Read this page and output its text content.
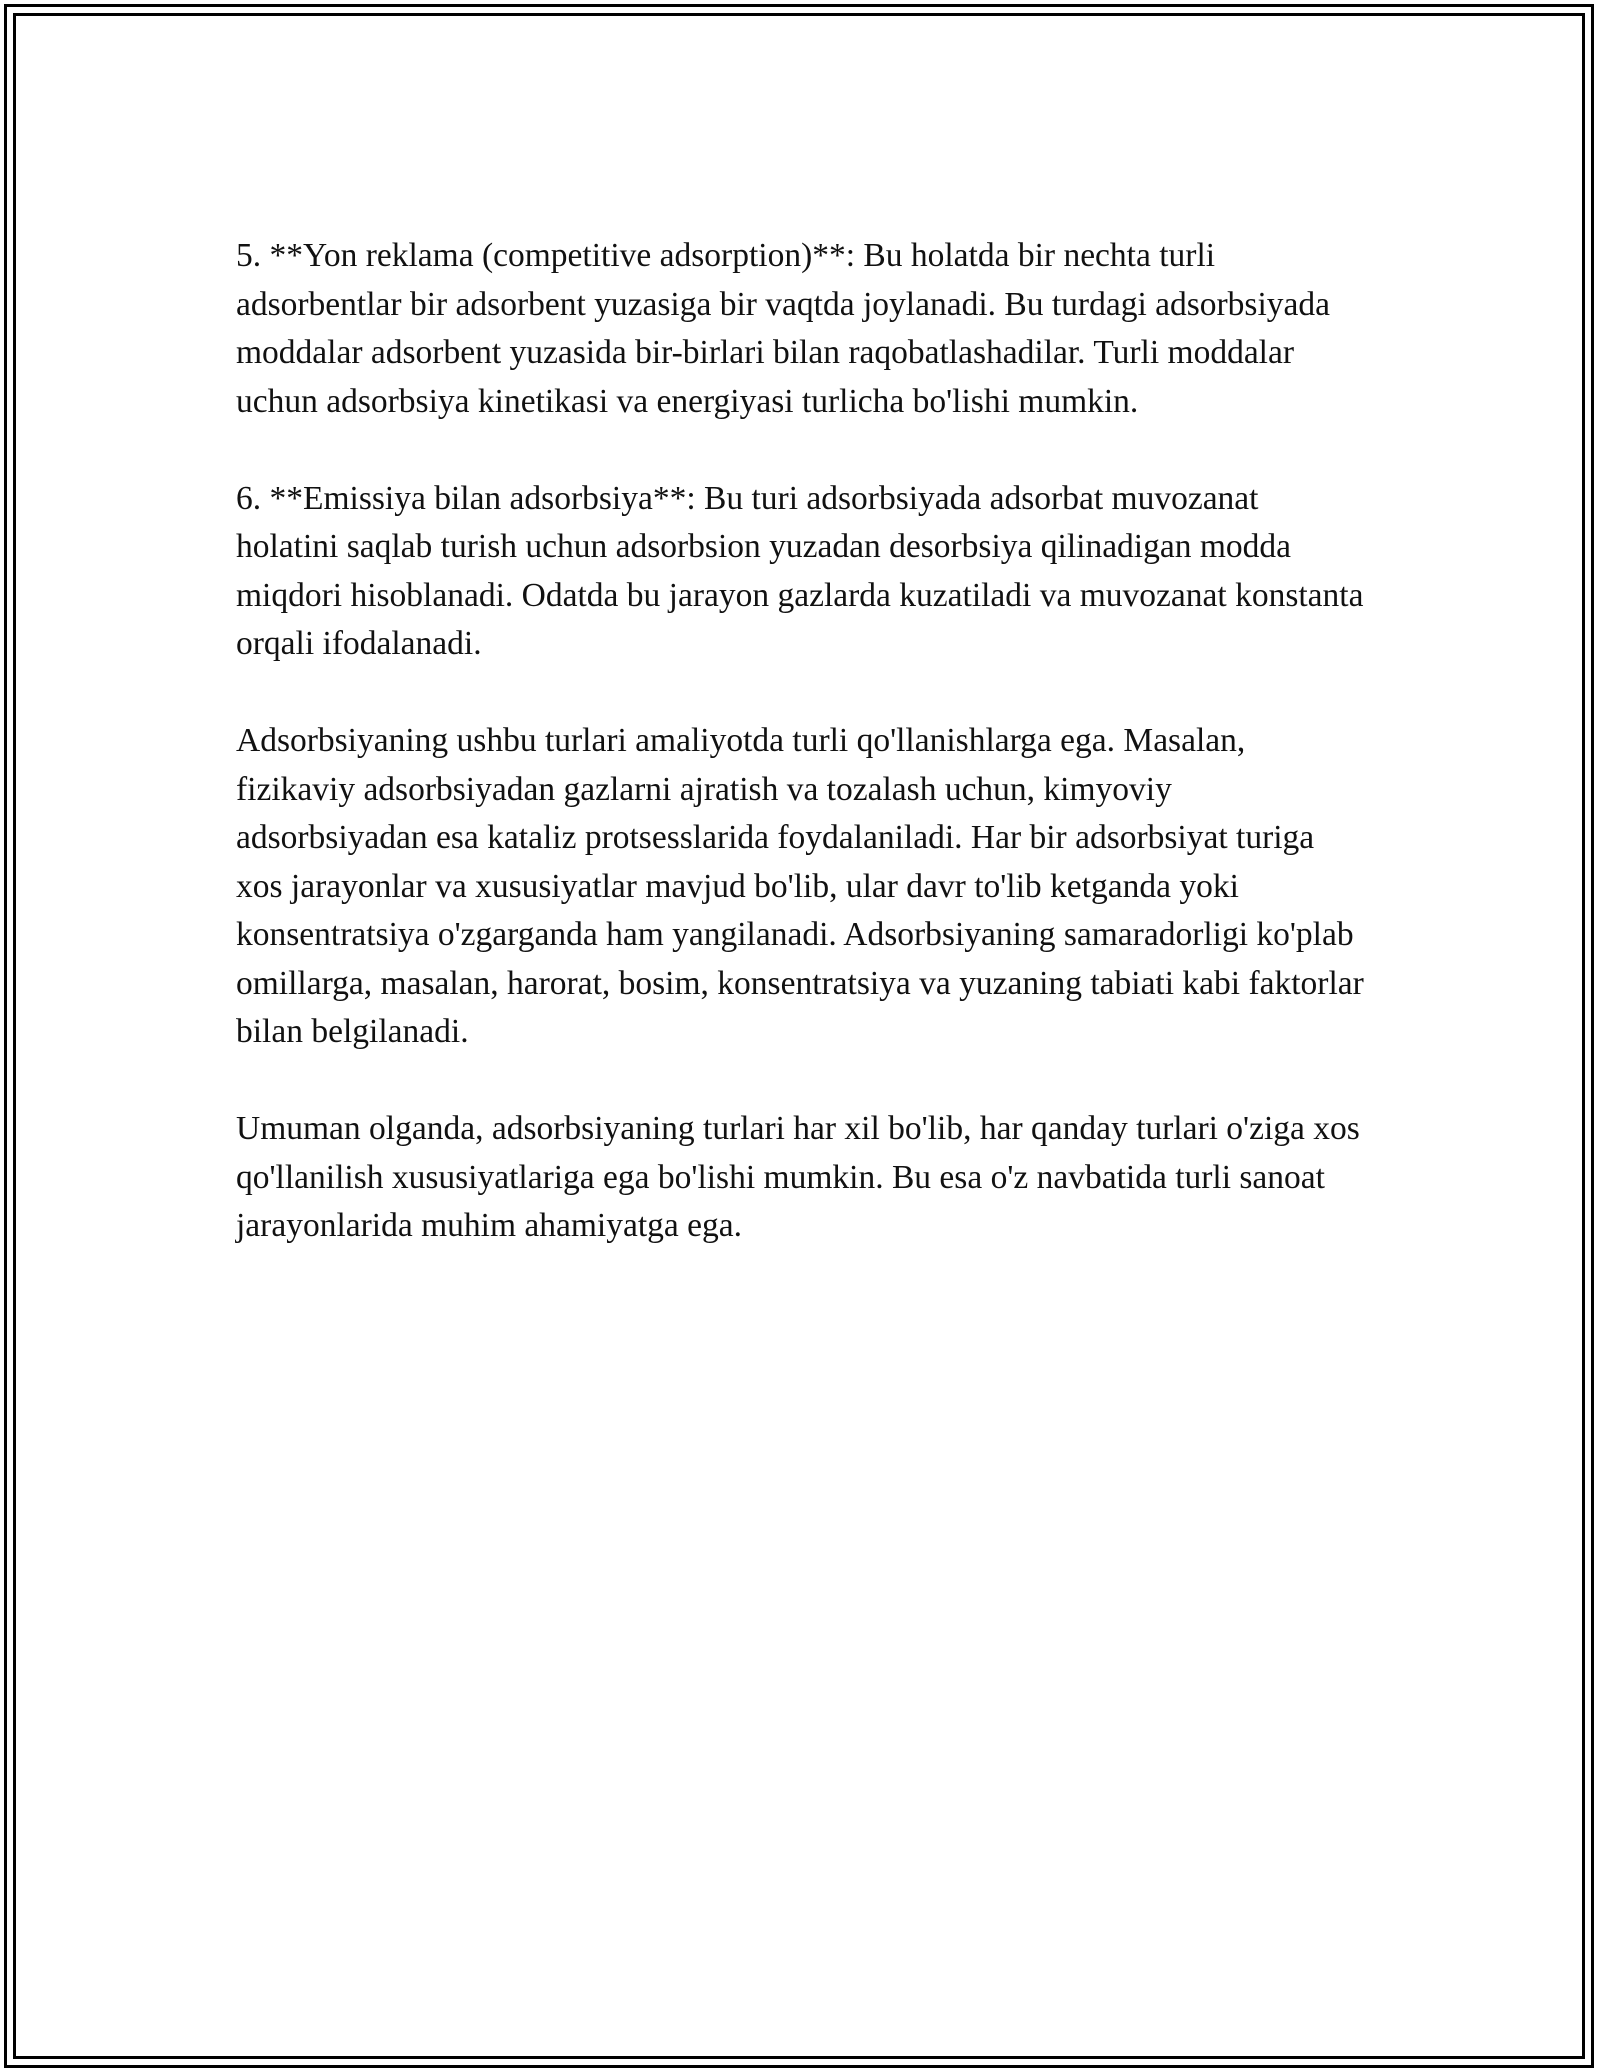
5. **Yon reklama (competitive adsorption)**: Bu holatda bir nechta turli adsorbentlar bir adsorbent yuzasiga bir vaqtda joylanadi. Bu turdagi adsorbsiyada moddalar adsorbent yuzasida bir-birlari bilan raqobatlashadilar. Turli moddalar uchun adsorbsiya kinetikasi va energiyasi turlicha bo'lishi mumkin.

6. **Emissiya bilan adsorbsiya**: Bu turi adsorbsiyada adsorbat muvozanat holatini saqlab turish uchun adsorbsion yuzadan desorbsiya qilinadigan modda miqdori hisoblanadi. Odatda bu jarayon gazlarda kuzatiladi va muvozanat konstanta orqali ifodalanadi.

Adsorbsiyaning ushbu turlari amaliyotda turli qo'llanishlarga ega. Masalan, fizikaviy adsorbsiyadan gazlarni ajratish va tozalash uchun, kimyoviy adsorbsiyadan esa kataliz protsesslarida foydalaniladi. Har bir adsorbsiyat turiga xos jarayonlar va xususiyatlar mavjud bo'lib, ular davr to'lib ketganda yoki konsentratsiya o'zgarganda ham yangilanadi. Adsorbsiyaning samaradorligi ko'plab omillarga, masalan, harorat, bosim, konsentratsiya va yuzaning tabiati kabi faktorlar bilan belgilanadi.

Umuman olganda, adsorbsiyaning turlari har xil bo'lib, har qanday turlari o'ziga xos qo'llanilish xususiyatlariga ega bo'lishi mumkin. Bu esa o'z navbatida turli sanoat jarayonlarida muhim ahamiyatga ega.
